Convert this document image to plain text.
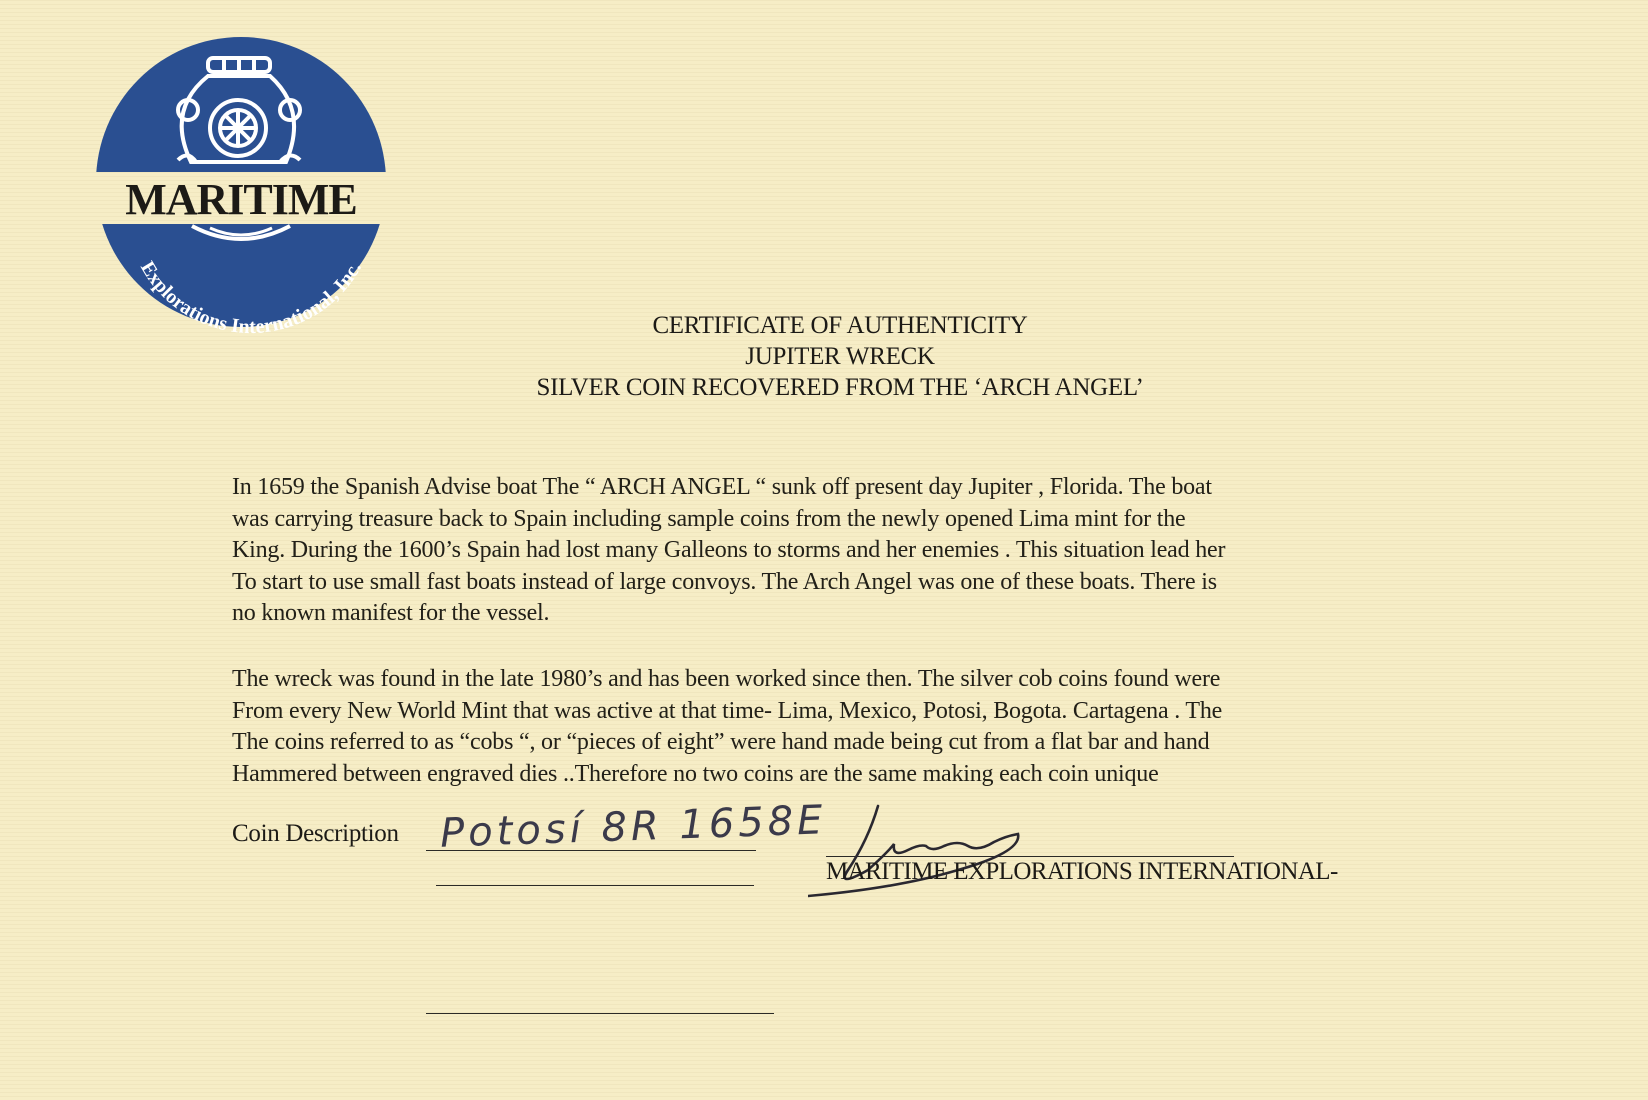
MARITIME
Explorations International, Inc.
CERTIFICATE OF AUTHENTICITY
JUPITER WRECK
SILVER COIN RECOVERED FROM THE ‘ARCH ANGEL’

In 1659 the Spanish Advise boat The “ ARCH ANGEL “ sunk off present day Jupiter , Florida. The boat
was carrying treasure back to Spain including sample coins from the newly opened Lima mint for the
King. During the 1600’s Spain had lost many Galleons to storms and her enemies . This situation lead her
To start to use small fast boats instead of large convoys. The Arch Angel was one of these boats. There is
no known manifest for the vessel.

The wreck was found in the late 1980’s and has been worked since then. The silver cob coins found were
From every New World Mint that was active at that time- Lima, Mexico, Potosi, Bogota. Cartagena . The
The coins referred to as “cobs “, or “pieces of eight” were hand made being cut from a flat bar and hand
Hammered between engraved dies ..Therefore no two coins are the same making each coin unique

Coin Description Potosí 8R 1658E
MARITIME EXPLORATIONS INTERNATIONAL-
